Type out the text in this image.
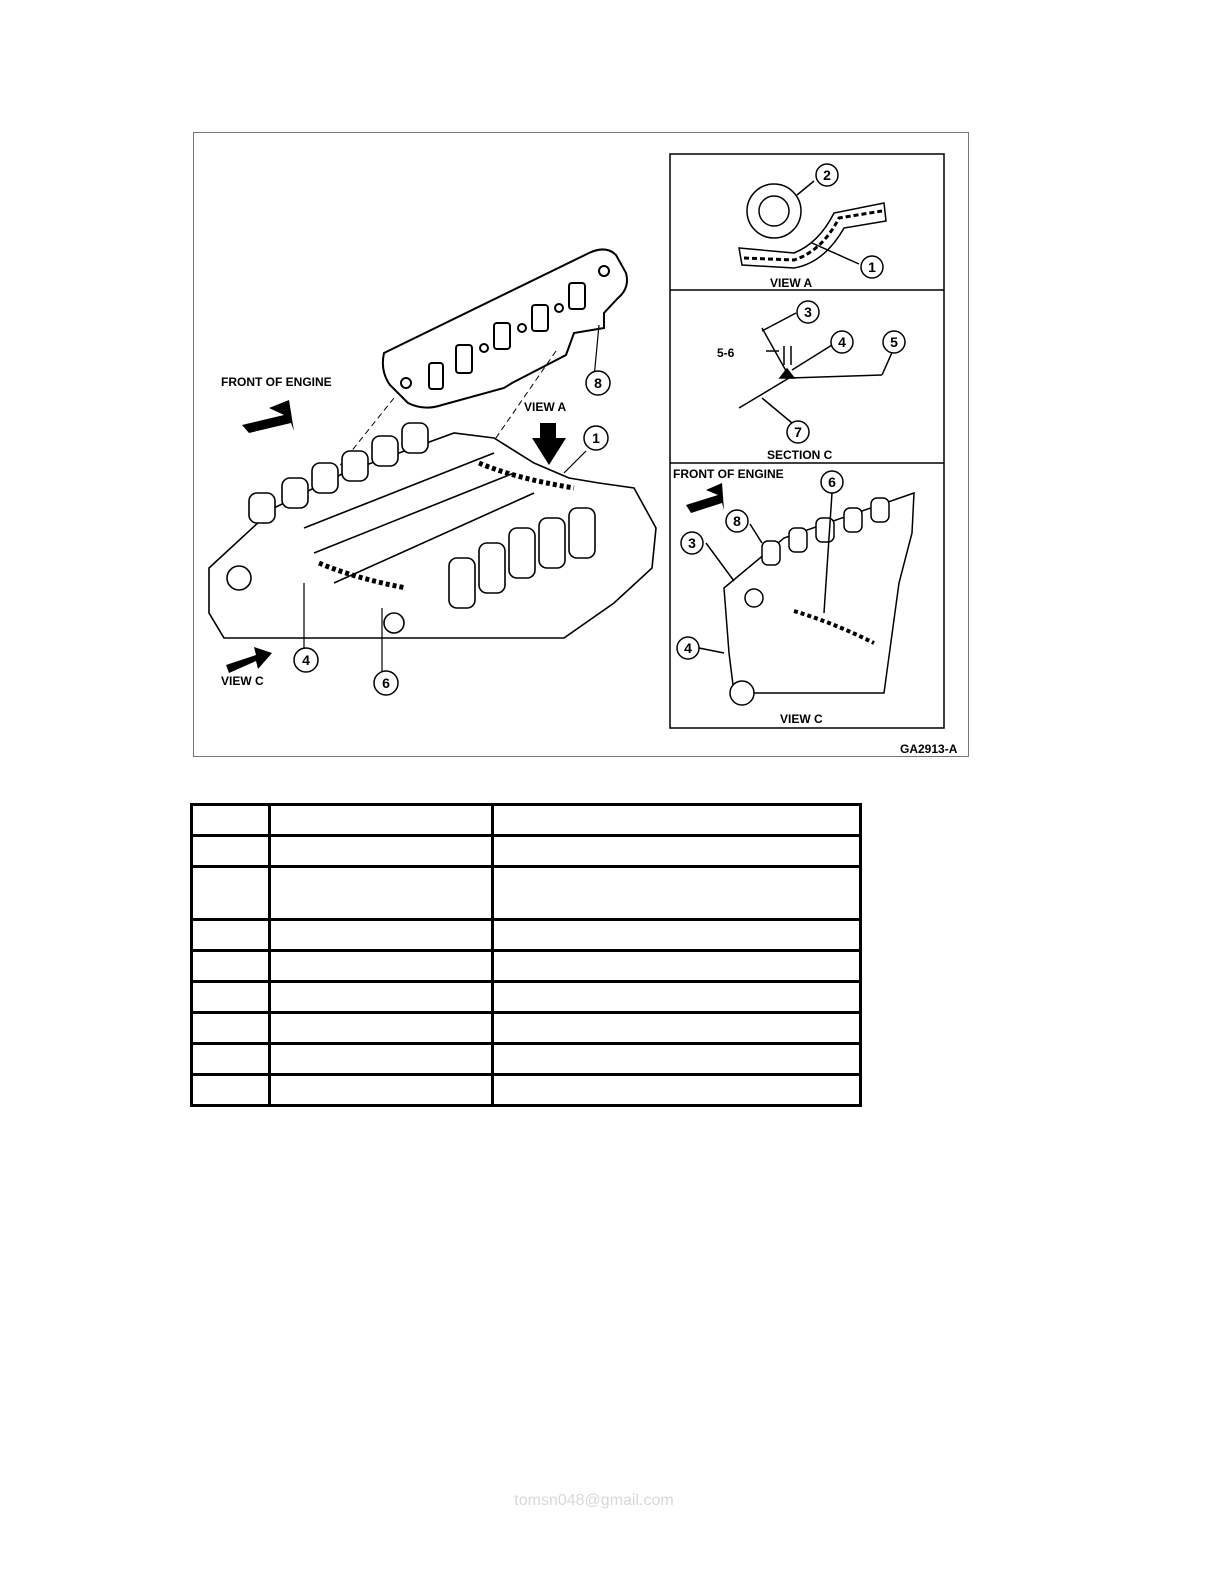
FRONT OF ENGINE
VIEW A
VIEW C
1
8
4
6
2
1
VIEW A
5-6
3
4	5
7
SECTION C
FRONT OF ENGINE
8
3
4
6
VIEW C
GA2913-A

tomsn048@gmail.com
